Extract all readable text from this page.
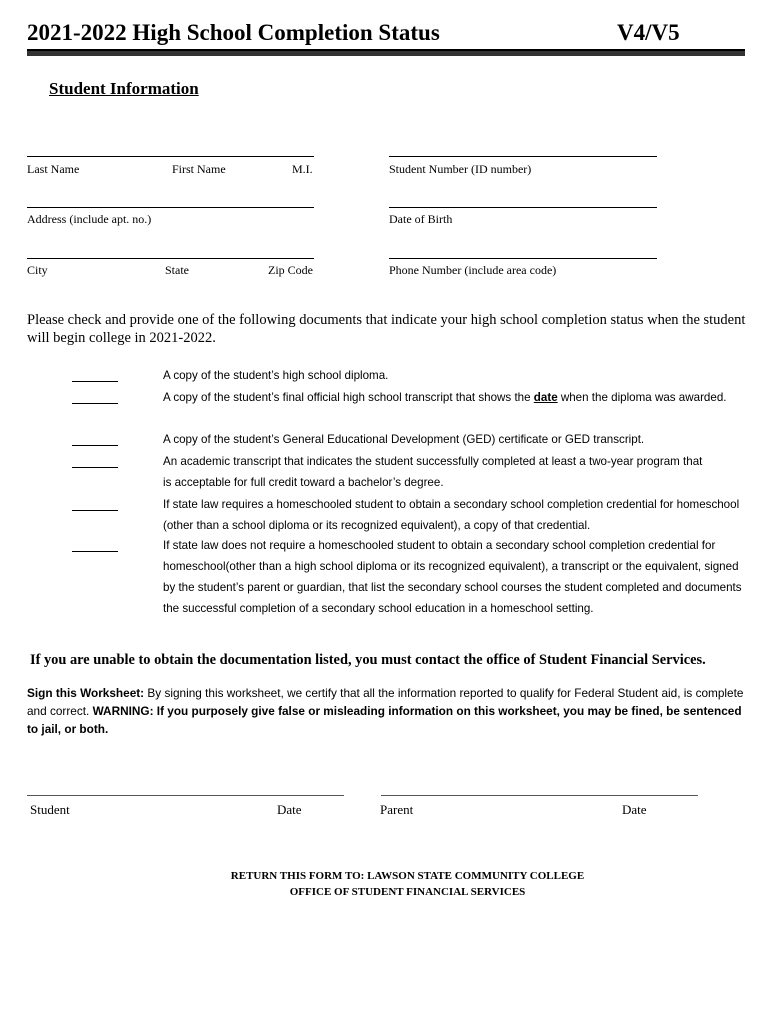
2021-2022 High School Completion Status	V4/V5
Student Information
Last Name	First Name	M.I.	Student Number (ID number)
Address (include apt. no.)	Date of Birth
City	State	Zip Code	Phone Number (include area code)
Please check and provide one of the following documents that indicate your high school completion status when the student will begin college in 2021-2022.
A copy of the student’s high school diploma.
A copy of the student’s final official high school transcript that shows the date when the diploma was awarded.
A copy of the student’s General Educational Development (GED) certificate or GED transcript.
An academic transcript that indicates the student successfully completed at least a two-year program that is acceptable for full credit toward a bachelor’s degree.
If state law requires a homeschooled student to obtain a secondary school completion credential for homeschool (other than a school diploma or its recognized equivalent), a copy of that credential.
If state law does not require a homeschooled student to obtain a secondary school completion credential for homeschool(other than a high school diploma or its recognized equivalent), a transcript or the equivalent, signed by the student’s parent or guardian, that list the secondary school courses the student completed and documents the successful completion of a secondary school education in a homeschool setting.
If you are unable to obtain the documentation listed, you must contact the office of Student Financial Services.
Sign this Worksheet: By signing this worksheet, we certify that all the information reported to qualify for Federal Student aid, is complete and correct. WARNING: If you purposely give false or misleading information on this worksheet, you may be fined, be sentenced to jail, or both.
Student	Date	Parent	Date
RETURN THIS FORM TO: LAWSON STATE COMMUNITY COLLEGE
OFFICE OF STUDENT FINANCIAL SERVICES
